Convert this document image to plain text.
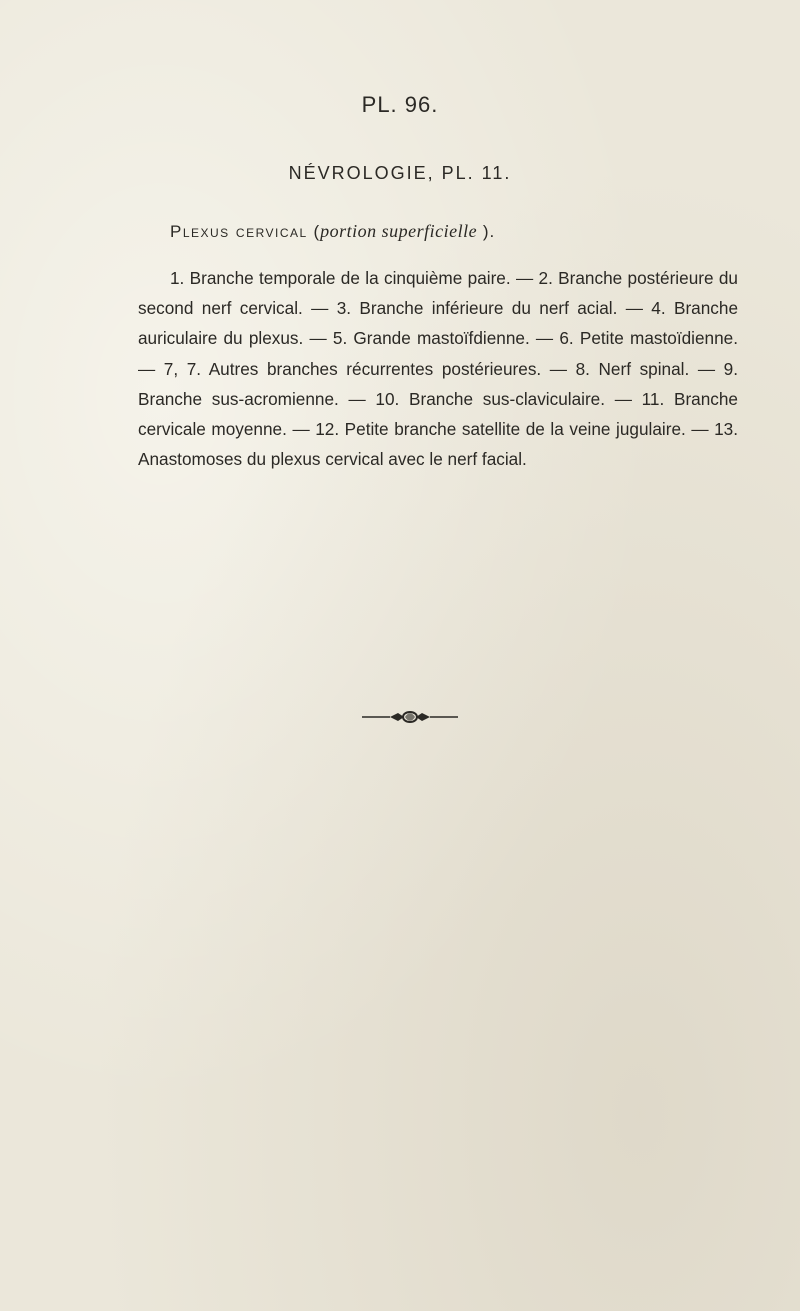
PL. 96.
NÉVROLOGIE, PL. 11.
Plexus cervical (portion superficielle ).

1. Branche temporale de la cinquième paire. — 2. Branche postérieure du second nerf cervical. — 3. Branche inférieure du nerf acial. — 4. Branche auriculaire du plexus. — 5. Grande mastoïfdienne. — 6. Petite mastoïdienne. — 7, 7. Autres branches récurrentes postérieures. — 8. Nerf spinal. — 9. Branche sus-acromienne. — 10. Branche sus-claviculaire. — 11. Branche cervicale moyenne. — 12. Petite branche satellite de la veine jugulaire. — 13. Anastomoses du plexus cervical avec le nerf facial.
